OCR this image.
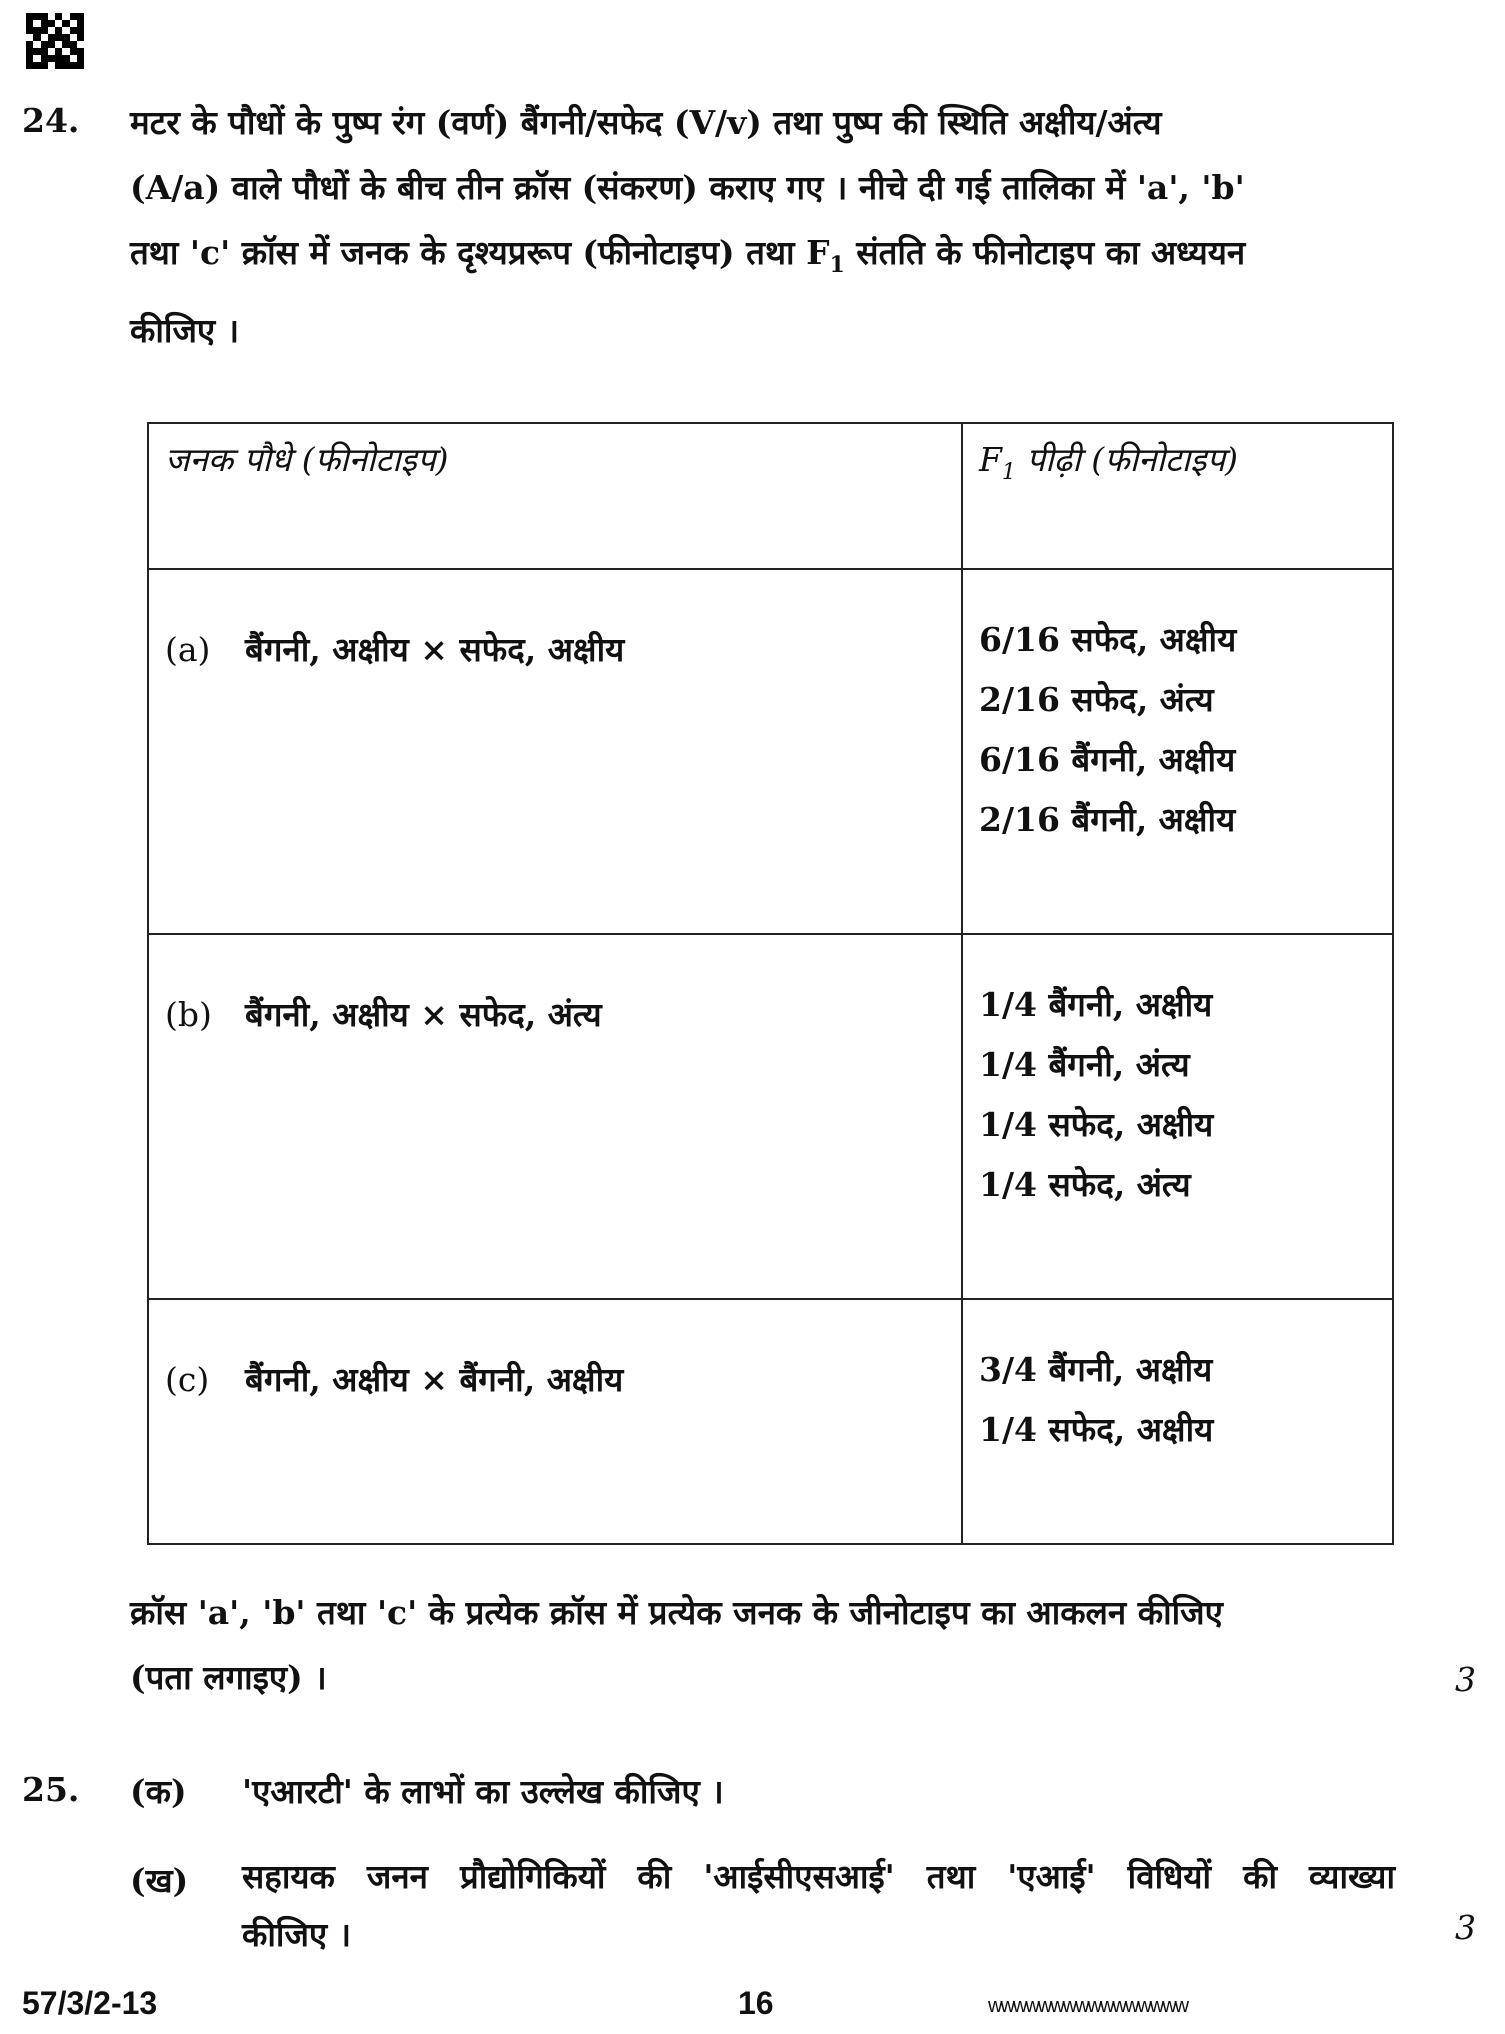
24. मटर के पौधों के पुष्प रंग (वर्ण) बैंगनी/सफेद (V/v) तथा पुष्प की स्थिति अक्षीय/अंत्य
(A/a) वाले पौधों के बीच तीन क्रॉस (संकरण) कराए गए । नीचे दी गई तालिका में 'a', 'b'
तथा 'c' क्रॉस में जनक के दृश्यप्ररूप (फीनोटाइप) तथा $F_1$ संतति के फीनोटाइप का अध्ययन
कीजिए ।
जनक पौधे (फीनोटाइप)	$F_1$ पीढ़ी (फीनोटाइप)

(a) बैंगनी, अक्षीय × सफेद, अक्षीय	6/16 सफेद, अक्षीय
2/16 सफेद, अंत्य
6/16 बैंगनी, अक्षीय
2/16 बैंगनी, अक्षीय

(b) बैंगनी, अक्षीय × सफेद, अंत्य	1/4 बैंगनी, अक्षीय
1/4 बैंगनी, अंत्य
1/4 सफेद, अक्षीय
1/4 सफेद, अंत्य

(c) बैंगनी, अक्षीय × बैंगनी, अक्षीय	3/4 बैंगनी, अक्षीय
1/4 सफेद, अक्षीय
क्रॉस 'a', 'b' तथा 'c' के प्रत्येक क्रॉस में प्रत्येक जनक के जीनोटाइप का आकलन कीजिए
(पता लगाइए) ।	3
25. (क) 'एआरटी' के लाभों का उल्लेख कीजिए ।
(ख) सहायक जनन प्रौद्योगिकियों की 'आईसीएसआई' तथा 'एआई' विधियों की व्याख्या
कीजिए ।	3
57/3/2-13	16	wwwwwwwwwwwwwwww
